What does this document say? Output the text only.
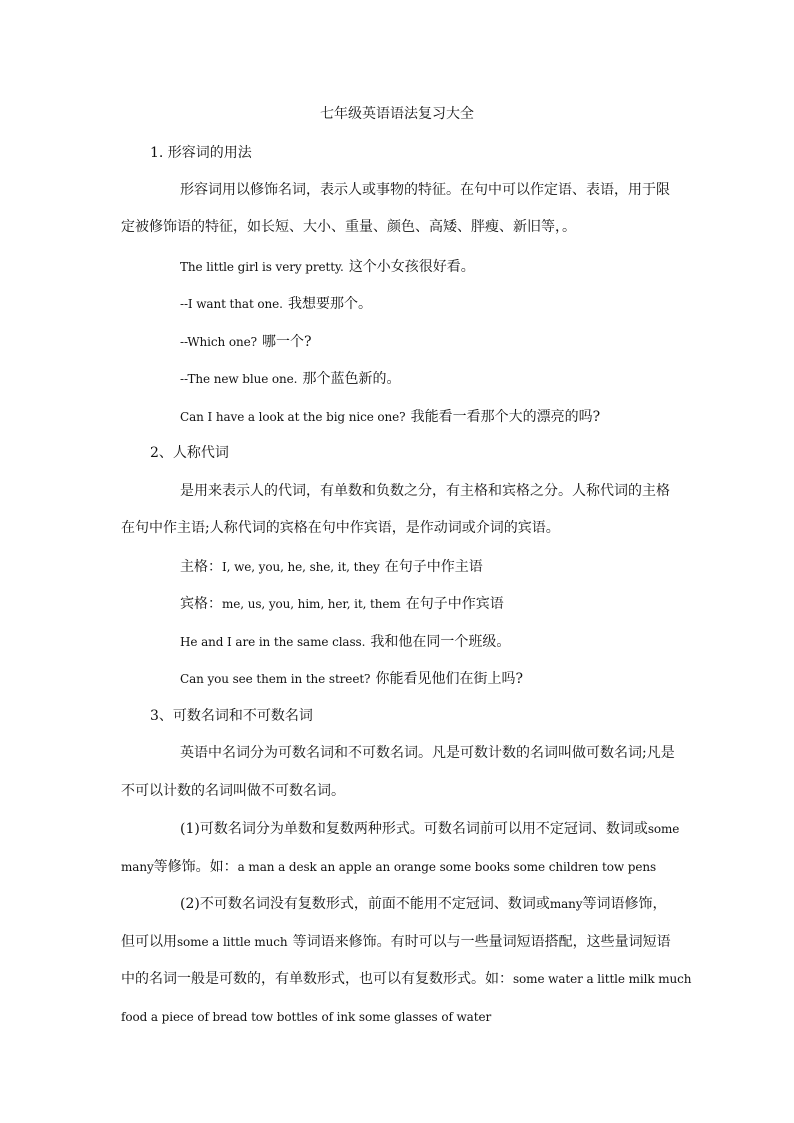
七年级英语语法复习大全
1. 形容词的用法
形容词用以修饰名词，表示人或事物的特征。在句中可以作定语、表语，用于限
定被修饰语的特征，如长短、大小、重量、颜色、高矮、胖瘦、新旧等，。
The little girl is very pretty. 这个小女孩很好看。
--I want that one. 我想要那个。
--Which one? 哪一个?
--The new blue one. 那个蓝色新的。
Can I have a look at the big nice one? 我能看一看那个大的漂亮的吗?
2、人称代词
是用来表示人的代词，有单数和负数之分，有主格和宾格之分。人称代词的主格
在句中作主语;人称代词的宾格在句中作宾语，是作动词或介词的宾语。
主格：I, we, you, he, she, it, they 在句子中作主语
宾格：me, us, you, him, her, it, them 在句子中作宾语
He and I are in the same class. 我和他在同一个班级。
Can you see them in the street? 你能看见他们在街上吗?
3、可数名词和不可数名词
英语中名词分为可数名词和不可数名词。凡是可数计数的名词叫做可数名词;凡是
不可以计数的名词叫做不可数名词。
(1)可数名词分为单数和复数两种形式。可数名词前可以用不定冠词、数词或some
many等修饰。如：a man a desk an apple an orange some books some children tow pens
(2)不可数名词没有复数形式，前面不能用不定冠词、数词或many等词语修饰，
但可以用some a little much 等词语来修饰。有时可以与一些量词短语搭配，这些量词短语
中的名词一般是可数的，有单数形式，也可以有复数形式。如：some water a little milk much
food a piece of bread tow bottles of ink some glasses of water
